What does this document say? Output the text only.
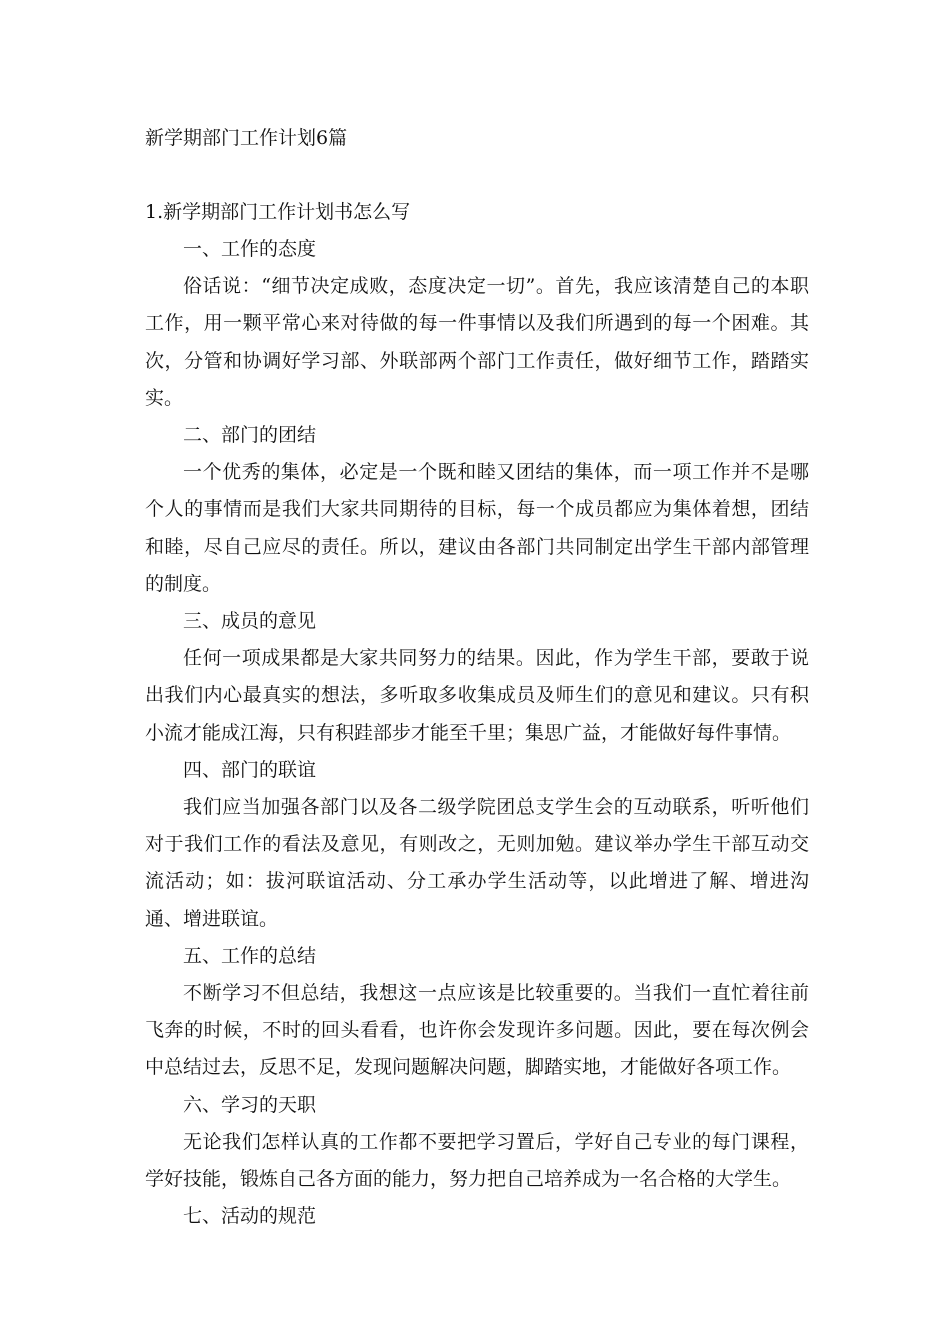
新学期部门工作计划6篇
1.新学期部门工作计划书怎么写

一、工作的态度

俗话说：“细节决定成败，态度决定一切”。首先，我应该清楚自己的本职工作，用一颗平常心来对待做的每一件事情以及我们所遇到的每一个困难。其次，分管和协调好学习部、外联部两个部门工作责任，做好细节工作，踏踏实实。

二、部门的团结

一个优秀的集体，必定是一个既和睦又团结的集体，而一项工作并不是哪个人的事情而是我们大家共同期待的目标，每一个成员都应为集体着想，团结和睦，尽自己应尽的责任。所以，建议由各部门共同制定出学生干部内部管理的制度。

三、成员的意见

任何一项成果都是大家共同努力的结果。因此，作为学生干部，要敢于说出我们内心最真实的想法，多听取多收集成员及师生们的意见和建议。只有积小流才能成江海，只有积跬部步才能至千里；集思广益，才能做好每件事情。

四、部门的联谊

我们应当加强各部门以及各二级学院团总支学生会的互动联系，听听他们对于我们工作的看法及意见，有则改之，无则加勉。建议举办学生干部互动交流活动；如：拔河联谊活动、分工承办学生活动等，以此增进了解、增进沟通、增进联谊。

五、工作的总结

不断学习不但总结，我想这一点应该是比较重要的。当我们一直忙着往前飞奔的时候，不时的回头看看，也许你会发现许多问题。因此，要在每次例会中总结过去，反思不足，发现问题解决问题，脚踏实地，才能做好各项工作。

六、学习的天职

无论我们怎样认真的工作都不要把学习置后，学好自己专业的每门课程，学好技能，锻炼自己各方面的能力，努力把自己培养成为一名合格的大学生。

七、活动的规范
